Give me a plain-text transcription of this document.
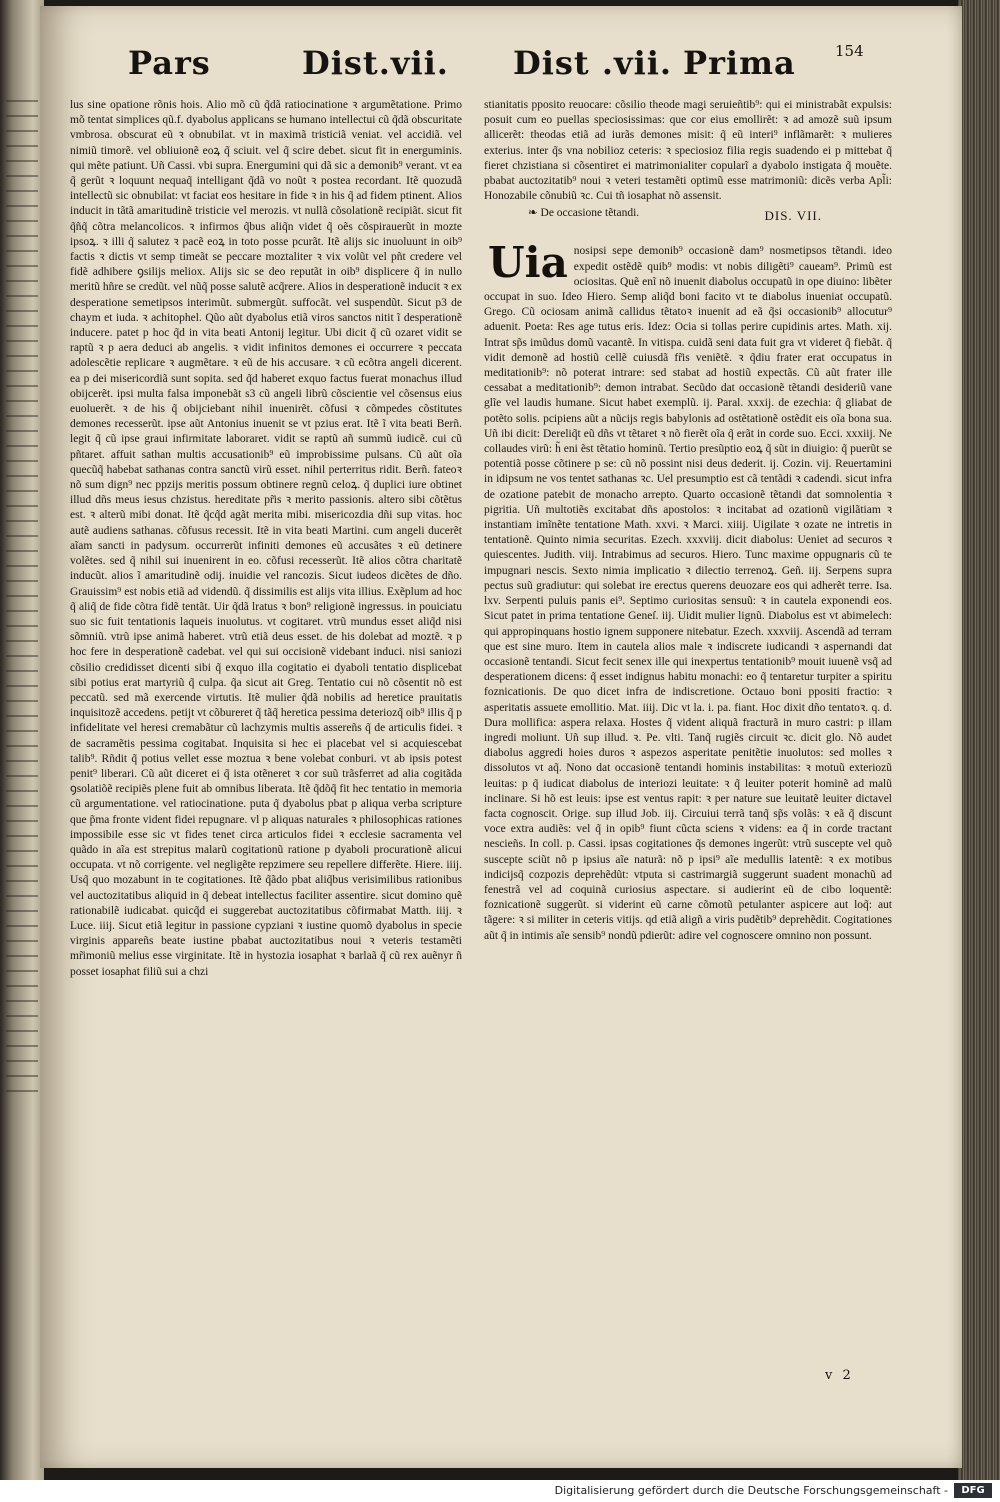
Pars	Dist.vii. Dist .vii. Prima	154

lus sine opatione rõnis hois. Alio mõ cũ q̃dã ratiocinatione ꝛ argumẽtatione. Primo mõ tentat simplices qũ.f. dyabolus applicans se humano intellectui cũ q̃dã obscuritate vmbrosa. obscurat eũ ꝛ obnubilat. vt in maximã tristiciã veniat. vel accidiã. vel nimiũ timorẽ. vel obliuionẽ eoꝝ q̃ sciuit. vel q̃ scire debet. sicut fit in energuminis. qui mẽte patiunt. Uñ Cassi. vbi supra. Energumini qui dã sic a demonib⁹ verant. vt ea q̃ gerũt ꝛ loquunt nequaq̃ intelligant q̃dã vo noũt ꝛ postea recordant. Itẽ quozudã intellectũ sic obnubilat: vt faciat eos hesitare in fide ꝛ in his q̃ ad fidem ptinent. Alios inducit in tãtã amaritudinẽ tristicie vel merozis. vt nullã cõsolationẽ recipiãt. sicut fit q̃ñq̃ cõtra melancolicos. ꝛ infirmos q̃bus aliq̃n videt q̃ oẽs cõspirauerũt in mozte ipsoꝝ. ꝛ illi q̃ salutez ꝛ pacẽ eoꝝ in toto posse pcurãt. Itẽ alijs sic inuoluunt in oib⁹ factis ꝛ dictis vt semp timeãt se peccare moztaliter ꝛ vix volũt vel pñt credere vel fidẽ adhibere ꝯsilijs meliox. Alijs sic se deo reputãt in oib⁹ displicere q̃ in nullo meritũ hñre se credũt. vel nũq̃ posse salutẽ acq̃rere. Alios in desperationẽ inducit ꝛ ex desperatione semetipsos interimũt. submergũt. suffocãt. vel suspendũt. Sicut p3 de chaym et iuda. ꝛ achitophel. Qũo aũt dyabolus etiã viros sanctos nitit ĩ desperationẽ inducere. patet p hoc q̃d in vita beati Antonij legitur. Ubi dicit q̃ cũ ozaret vidit se raptũ ꝛ p aera deduci ab angelis. ꝛ vidit infinitos demones ei occurrere ꝛ peccata adolescẽtie replicare ꝛ augmẽtare. ꝛ eũ de his accusare. ꝛ cũ ecõtra angeli dicerent. ea p dei misericordiã sunt sopita. sed q̃d haberet exquo factus fuerat monachus illud obijcerẽt. ipsi multa falsa imponebãt s3 cũ angeli librũ cõscientie vel cõsensus eius euoluerẽt. ꝛ de his q̃ obijciebant nihil inuenirẽt. cõfusi ꝛ cõmpedes cõstitutes demones recesserũt. ipse aũt Antonius inuenit se vt pzius erat. Itẽ ĩ vita beati Berñ. legit q̃ cũ ipse graui infirmitate laboraret. vidit se raptũ añ summũ iudicẽ. cui cũ pñtaret. affuit sathan multis accusationib⁹ eũ improbissime pulsans. Cũ aũt oĩa quecũq̃ habebat sathanas contra sanctũ virũ esset. nihil perterritus ridit. Berñ. fateoꝛ nõ sum dign⁹ nec ppzijs meritis possum obtinere regnũ celoꝝ. q̃ duplici iure obtinet illud dñs meus iesus chzistus. hereditate pr̃is ꝛ merito passionis. altero sibi cõtẽtus est. ꝛ alterũ mibi donat. Itẽ q̃cq̃d agãt merita mibi. misericozdia dñi sup vitas. hoc autẽ audiens sathanas. cõfusus recessit. Itẽ in vita beati Martini. cum angeli ducerẽt aĩam sancti in padysum. occurrerũt infiniti demones eũ accusãtes ꝛ eũ detinere volẽtes. sed q̃ nihil sui inuenirent in eo. cõfusi recesserũt. Itẽ alios cõtra charitatẽ inducũt. alios ĩ amaritudinẽ odij. inuidie vel rancozis. Sicut iudeos dicẽtes de dño. Grauissim⁹ est nobis etiã ad videndũ. q̃ dissimilis est alijs vita illius. Exẽplum ad hoc q̃ aliq̃ de fide cõtra fidẽ tentãt. Uir q̃dã lratus ꝛ bon⁹ religionẽ ingressus. in pouiciatu suo sic fuit tentationis laqueis inuolutus. vt cogitaret. vtrũ mundus esset aliq̃d nisi sõmniũ. vtrũ ipse animã haberet. vtrũ etiã deus esset. de his dolebat ad moztẽ. ꝛ p hoc fere in desperationẽ cadebat. vel qui sui occisionẽ videbant induci. nisi saniozi cõsilio credidisset dicenti sibi q̃ exquo illa cogitatio ei dyaboli tentatio displicebat sibi potius erat martyriũ q̃ culpa. q̃a sicut ait Greg. Tentatio cui nõ cõsentit nõ est peccatũ. sed mã exercende virtutis. Itẽ mulier q̃dã nobilis ad heretice prauitatis inquisitozẽ accedens. petijt vt cõbureret q̃ tãq̃ heretica pessima deteriozq̃ oib⁹ illis q̃ p infidelitate vel heresi cremabãtur cũ lachzymis multis assereñs q̃ de articulis fidei. ꝛ de sacramẽtis pessima cogitabat. Inquisita si hec ei placebat vel si acquiescebat talib⁹. Rñdit q̃ potius vellet esse moztua ꝛ bene volebat conburi. vt ab ipsis potest penit⁹ liberari. Cũ aũt diceret ei q̃ ista otẽneret ꝛ cor suũ trãsferret ad alia cogitãda ꝯsolatiõẽ recipiẽs plene fuit ab omnibus liberata. Itẽ q̃dõq̃ fit hec tentatio in memoria cũ argumentatione. vel ratiocinatione. puta q̃ dyabolus pbat p aliqua verba scripture que p̃ma fronte vident fidei repugnare. vl p aliquas naturales ꝛ philosophicas rationes impossibile esse sic vt fides tenet circa articulos fidei ꝛ ecclesie sacramenta vel quãdo in aĩa est strepitus malarũ cogitationũ ratione p dyaboli procurationẽ alicui occupata. vt nõ corrigente. vel negligẽte repzimere seu repellere differẽte. Hiere. iiij. Usq̃ quo mozabunt in te cogitationes. Itẽ q̃ãdo pbat aliq̃bus verisimilibus rationibus vel auctozitatibus aliquid in q̃ debeat intellectus faciliter assentire. sicut domino quẽ rationabilẽ iudicabat. quicq̃d ei suggerebat auctozitatibus cõfirmabat Matth. iiij. ꝛ Luce. iiij. Sicut etiã legitur in passione cypziani ꝛ iustine quomõ dyabolus in specie virginis appareñs beate iustine pbabat auctozitatibus noui ꝛ veteris testamẽti mr̃imoniũ melius esse virginitate. Itẽ in hystozia iosaphat ꝛ barlaã q̃ cũ rex auẽnyr ñ posset iosaphat filiũ sui a chzi

stianitatis pposito reuocare: cõsilio theode magi seruieñtib⁹: qui ei ministrabãt expulsis: posuit cum eo puellas speciosissimas: que cor eius emollirẽt: ꝛ ad amozẽ suũ ipsum allicerẽt: theodas etiã ad iurãs demones misit: q̃ eũ interi⁹ inflãmarẽt: ꝛ mulieres exterius. inter q̃s vna nobilioz ceteris: ꝛ speciosioz filia regis suadendo ei p mittebat q̃ fieret chzistiana si cõsentiret ei matrimonialiter copularĩ a dyabolo instigata q̃ mouẽte. pbabat auctozitatib⁹ noui ꝛ veteri testamẽti optimũ esse matrimoniũ: dicẽs verba Apl̃i: Honozabile cõnubiũ ꝛc. Cui tñ iosaphat nõ assensit.

❧ De occasione tẽtandi.	DIS. VII.

Uia nosipsi sepe demonib⁹ occasionẽ dam⁹ nosmetipsos tẽtandi. ideo expedit ostẽdẽ quib⁹ modis: vt nobis diligẽti⁹ caueam⁹. Primũ est ociositas. Quẽ enĩ nõ inuenit diabolus occupatũ in ope diuino: libẽter occupat in suo. Ideo Hiero. Semp aliq̃d boni facito vt te diabolus inueniat occupatũ. Grego. Cũ ociosam animã callidus tẽtatoꝛ inuenit ad eã q̃si occasionib⁹ allocutur⁹ aduenit. Poeta: Res age tutus eris. Idez: Ocia si tollas perire cupidinis artes. Math. xij. Intrat sp̃s imũdus domũ vacantẽ. In vitispa. cuidã seni data fuit gra vt videret q̃ fiebãt. q̃ vidit demonẽ ad hostiũ cellẽ cuiusdã fr̃is veniẽtẽ. ꝛ q̃diu frater erat occupatus in meditationib⁹: nõ poterat intrare: sed stabat ad hostiũ expectãs. Cũ aũt frater ille cessabat a meditationib⁹: demon intrabat. Secũdo dat occasionẽ tẽtandi desideriũ vane glĩe vel laudis humane. Sicut habet exemplũ. ij. Paral. xxxij. de ezechia: q̃ gliabat de potẽto solis. pcipiens aũt a nũcijs regis babylonis ad ostẽtationẽ ostẽdit eis oĩa bona sua. Uñ ibi dicit: Dereliq̃t eũ dñs vt tẽtaret ꝛ nõ fierẽt oĩa q̃ erãt in corde suo. Ecci. xxxiij. Ne collaudes virũ: h̃ eni ẽst tẽtatio hominũ. Tertio presũptio eoꝝ q̃ sũt in diuigio: q̃ puerũt se potentiã posse cõtinere p se: cũ nõ possint nisi deus dederit. ij. Cozin. vij. Reuertamini in idipsum ne vos tentet sathanas ꝛc. Uel presumptio est cã tentãdi ꝛ cadendi. sicut infra de ozatione patebit de monacho arrepto. Quarto occasionẽ tẽtandi dat somnolentia ꝛ pigritia. Uñ multotiẽs excitabat dñs apostolos: ꝛ incitabat ad ozationũ vigilãtiam ꝛ instantiam imĩnẽte tentatione Math. xxvi. ꝛ Marci. xiiij. Uigilate ꝛ ozate ne intretis in tentationẽ. Quinto nimia securitas. Ezech. xxxviij. dicit diabolus: Ueniet ad securos ꝛ quiescentes. Judith. viij. Intrabimus ad securos. Hiero. Tunc maxime oppugnaris cũ te impugnari nescis. Sexto nimia implicatio ꝛ dilectio terrenoꝝ. Geñ. iij. Serpens supra pectus suũ gradiutur: qui solebat ire erectus querens deuozare eos qui adherẽt terre. Isa. lxv. Serpenti puluis panis ei⁹. Septimo curiositas sensuũ: ꝛ in cautela exponendi eos. Sicut patet in prima tentatione Geneſ. iij. Uidit mulier lignũ. Diabolus est vt abimelech: qui appropinquans hostio ignem supponere nitebatur. Ezech. xxxviij. Ascendã ad terram que est sine muro. Item in cautela alios male ꝛ indiscrete iudicandi ꝛ aspernandi dat occasionẽ tentandi. Sicut fecit senex ille qui inexpertus tentationib⁹ mouit iuuenẽ vsq̃ ad desperationem dicens: q̃ esset indignus habitu monachi: eo q̃ tentaretur turpiter a spiritu foznicationis. De quo dicet infra de indiscretione. Octauo boni ppositi fractio: ꝛ asperitatis assuete emollitio. Mat. iiij. Dic vt la. i. pa. fiant. Hoc dixit dño tentatoꝛ. q. d. Dura mollifica: aspera relaxa. Hostes q̃ vident aliquã fracturã in muro castri: p illam ingredi moliunt. Uñ sup illud. ꝛ. Pe. vlti. Tanq̃ rugiẽs circuit ꝛc. dicit glo. Nõ audet diabolus aggredi hoies duros ꝛ aspezos asperitate penitẽtie inuolutos: sed molles ꝛ dissolutos vt aq̃. Nono dat occasionẽ tentandi hominis instabilitas: ꝛ motuũ exteriozũ leuitas: p q̃ iudicat diabolus de interiozi leuitate: ꝛ q̃ leuiter poterit hominẽ ad malũ inclinare. Si hõ est leuis: ipse est ventus rapit: ꝛ per nature sue leuitatẽ leuiter dictavel facta cognoscit. Orige. sup illud Job. iij. Circuiui terrã tanq̃ sp̃s volãs: ꝛ eã q̃ discunt voce extra audiẽs: vel q̃ in opib⁹ fiunt cũcta sciens ꝛ videns: ea q̃ in corde tractant nescieñs. In coll. p. Cassi. ipsas cogitationes q̃s demones ingerũt: vtrũ suscepte vel quõ suscepte sciũt nõ p ipsius aĩe naturã: nõ p ipsi⁹ aĩe medullis latentẽ: ꝛ ex motibus indicijsq̃ cozpozis deprehẽdũt: vtputa si castrimargiã suggerunt suadent monachũ ad fenestrã vel ad coquinã curiosius aspectare. si audierint eũ de cibo loquentẽ: foznicationẽ suggerũt. si viderint eũ carne cõmotũ petulanter aspicere aut loq̃: aut tãgere: ꝛ si militer in ceteris vitijs. qd etiã aligñ a viris pudẽtib⁹ deprehẽdit. Cogitationes aũt q̃ in intimis aĩe sensib⁹ nondũ pdierũt: adire vel cognoscere omnino non possunt.

v 2
Digitalisierung gefördert durch die Deutsche Forschungsgemeinschaft -	DFG
